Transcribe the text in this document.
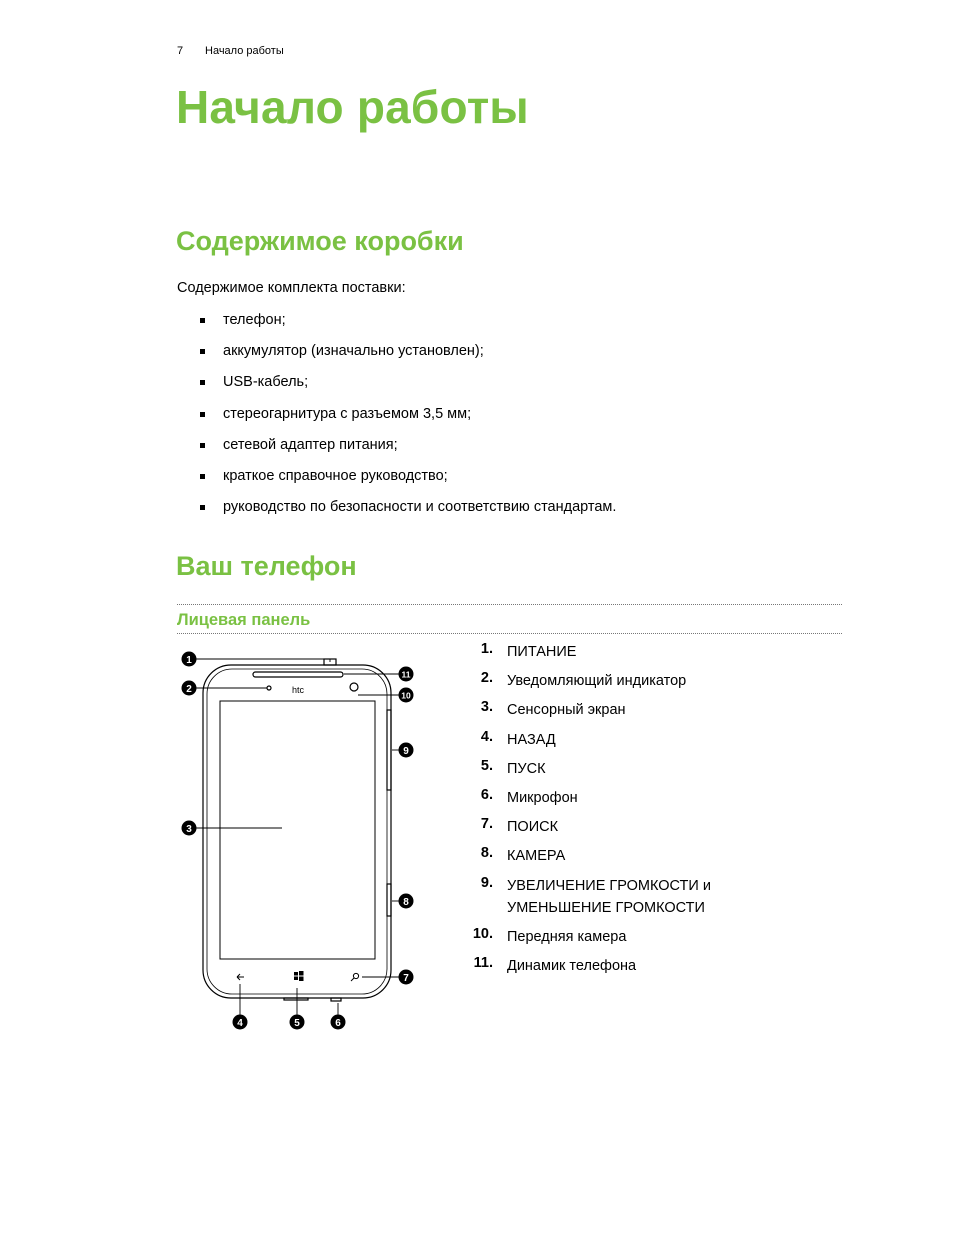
7 Начало работы
Начало работы
Содержимое коробки
Содержимое комплекта поставки:
телефон;
аккумулятор (изначально установлен);
USB-кабель;
стереогарнитура с разъемом 3,5 мм;
сетевой адаптер питания;
краткое справочное руководство;
руководство по безопасности и соответствию стандартам.
Ваш телефон
Лицевая панель
htc
1
2
3
4	5	6
7
8
9
10
11
1. ПИТАНИЕ
2. Уведомляющий индикатор
3. Сенсорный экран
4. НАЗАД
5. ПУСК
6. Микрофон
7. ПОИСК
8. КАМЕРА
9. УВЕЛИЧЕНИЕ ГРОМКОСТИ и УМЕНЬШЕНИЕ ГРОМКОСТИ
10. Передняя камера
11. Динамик телефона
